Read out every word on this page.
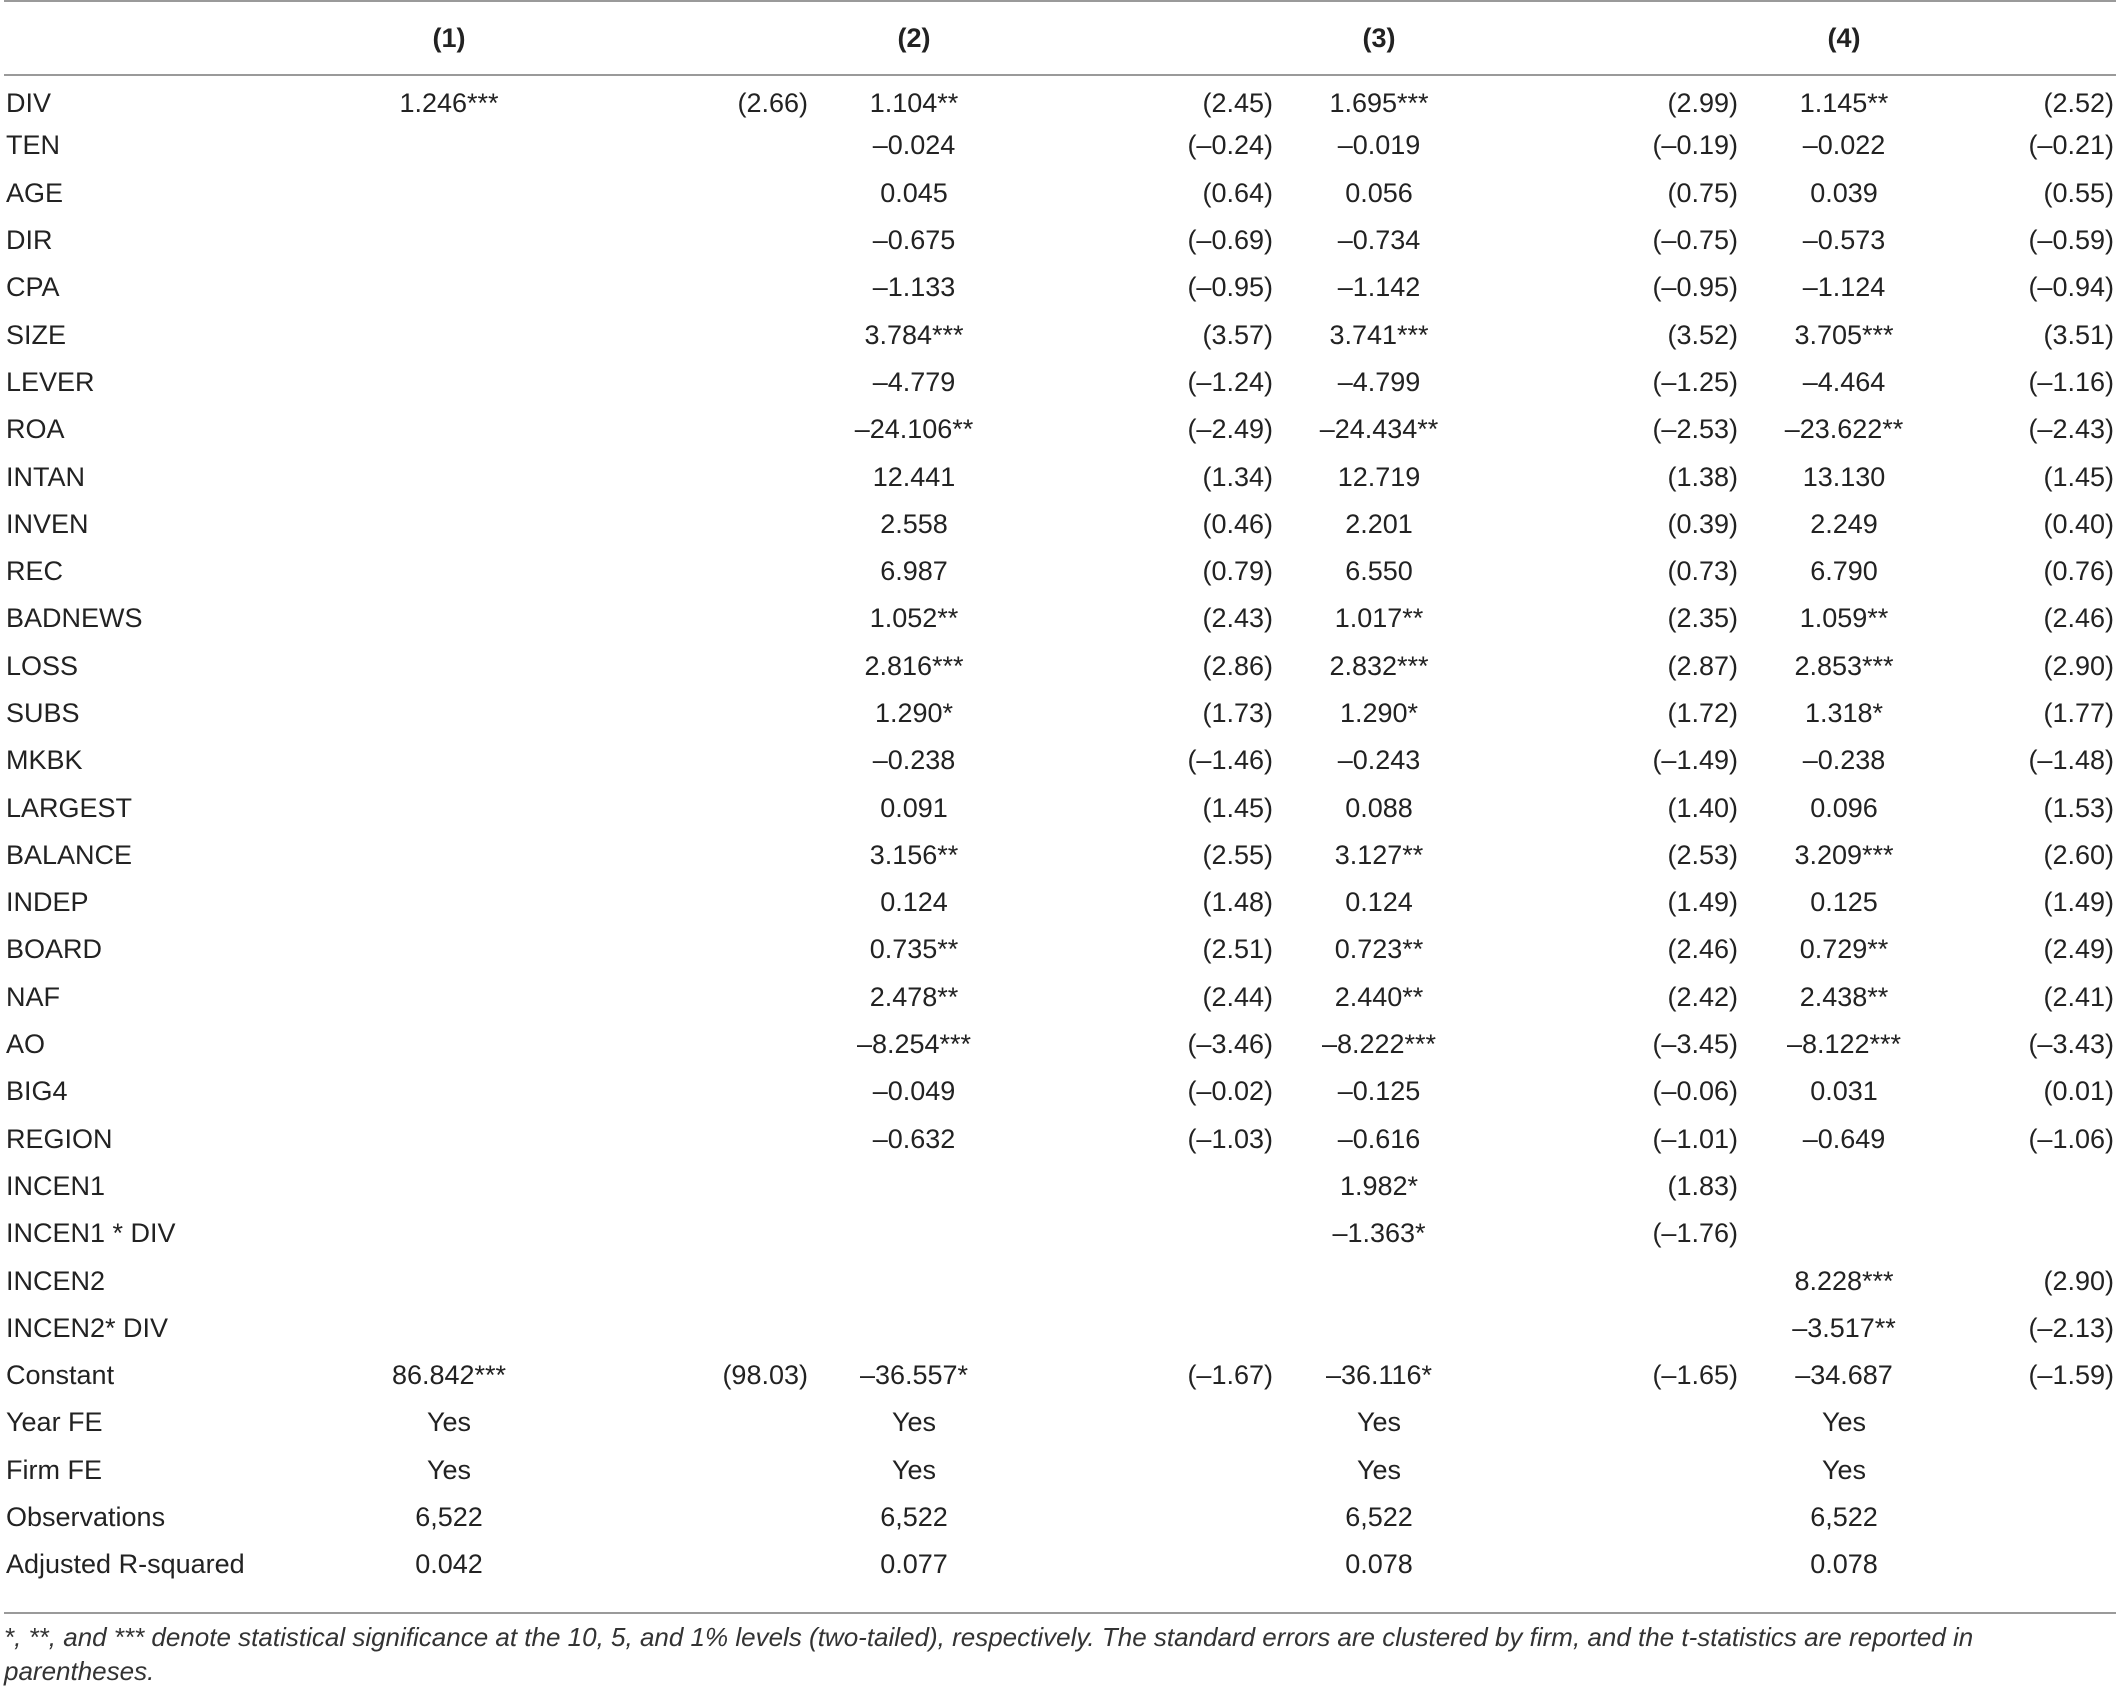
	(1)		(2)		(3)		(4)	
DIV	1.246***	(2.66)	1.104**	(2.45)	1.695***	(2.99)	1.145**	(2.52)
TEN			–0.024	(–0.24)	–0.019	(–0.19)	–0.022	(–0.21)
AGE			0.045	(0.64)	0.056	(0.75)	0.039	(0.55)
DIR			–0.675	(–0.69)	–0.734	(–0.75)	–0.573	(–0.59)
CPA			–1.133	(–0.95)	–1.142	(–0.95)	–1.124	(–0.94)
SIZE			3.784***	(3.57)	3.741***	(3.52)	3.705***	(3.51)
LEVER			–4.779	(–1.24)	–4.799	(–1.25)	–4.464	(–1.16)
ROA			–24.106**	(–2.49)	–24.434**	(–2.53)	–23.622**	(–2.43)
INTAN			12.441	(1.34)	12.719	(1.38)	13.130	(1.45)
INVEN			2.558	(0.46)	2.201	(0.39)	2.249	(0.40)
REC			6.987	(0.79)	6.550	(0.73)	6.790	(0.76)
BADNEWS			1.052**	(2.43)	1.017**	(2.35)	1.059**	(2.46)
LOSS			2.816***	(2.86)	2.832***	(2.87)	2.853***	(2.90)
SUBS			1.290*	(1.73)	1.290*	(1.72)	1.318*	(1.77)
MKBK			–0.238	(–1.46)	–0.243	(–1.49)	–0.238	(–1.48)
LARGEST			0.091	(1.45)	0.088	(1.40)	0.096	(1.53)
BALANCE			3.156**	(2.55)	3.127**	(2.53)	3.209***	(2.60)
INDEP			0.124	(1.48)	0.124	(1.49)	0.125	(1.49)
BOARD			0.735**	(2.51)	0.723**	(2.46)	0.729**	(2.49)
NAF			2.478**	(2.44)	2.440**	(2.42)	2.438**	(2.41)
AO			–8.254***	(–3.46)	–8.222***	(–3.45)	–8.122***	(–3.43)
BIG4			–0.049	(–0.02)	–0.125	(–0.06)	0.031	(0.01)
REGION			–0.632	(–1.03)	–0.616	(–1.01)	–0.649	(–1.06)
INCEN1					1.982*	(1.83)		
INCEN1 * DIV					–1.363*	(–1.76)		
INCEN2							8.228***	(2.90)
INCEN2* DIV							–3.517**	(–2.13)
Constant	86.842***	(98.03)	–36.557*	(–1.67)	–36.116*	(–1.65)	–34.687	(–1.59)
Year FE	Yes		Yes		Yes		Yes	
Firm FE	Yes		Yes		Yes		Yes	
Observations	6,522		6,522		6,522		6,522	
Adjusted R-squared	0.042		0.077		0.078		0.078	
*, **, and *** denote statistical significance at the 10, 5, and 1% levels (two-tailed), respectively. The standard errors are clustered by firm, and the t-statistics are reported in parentheses.
